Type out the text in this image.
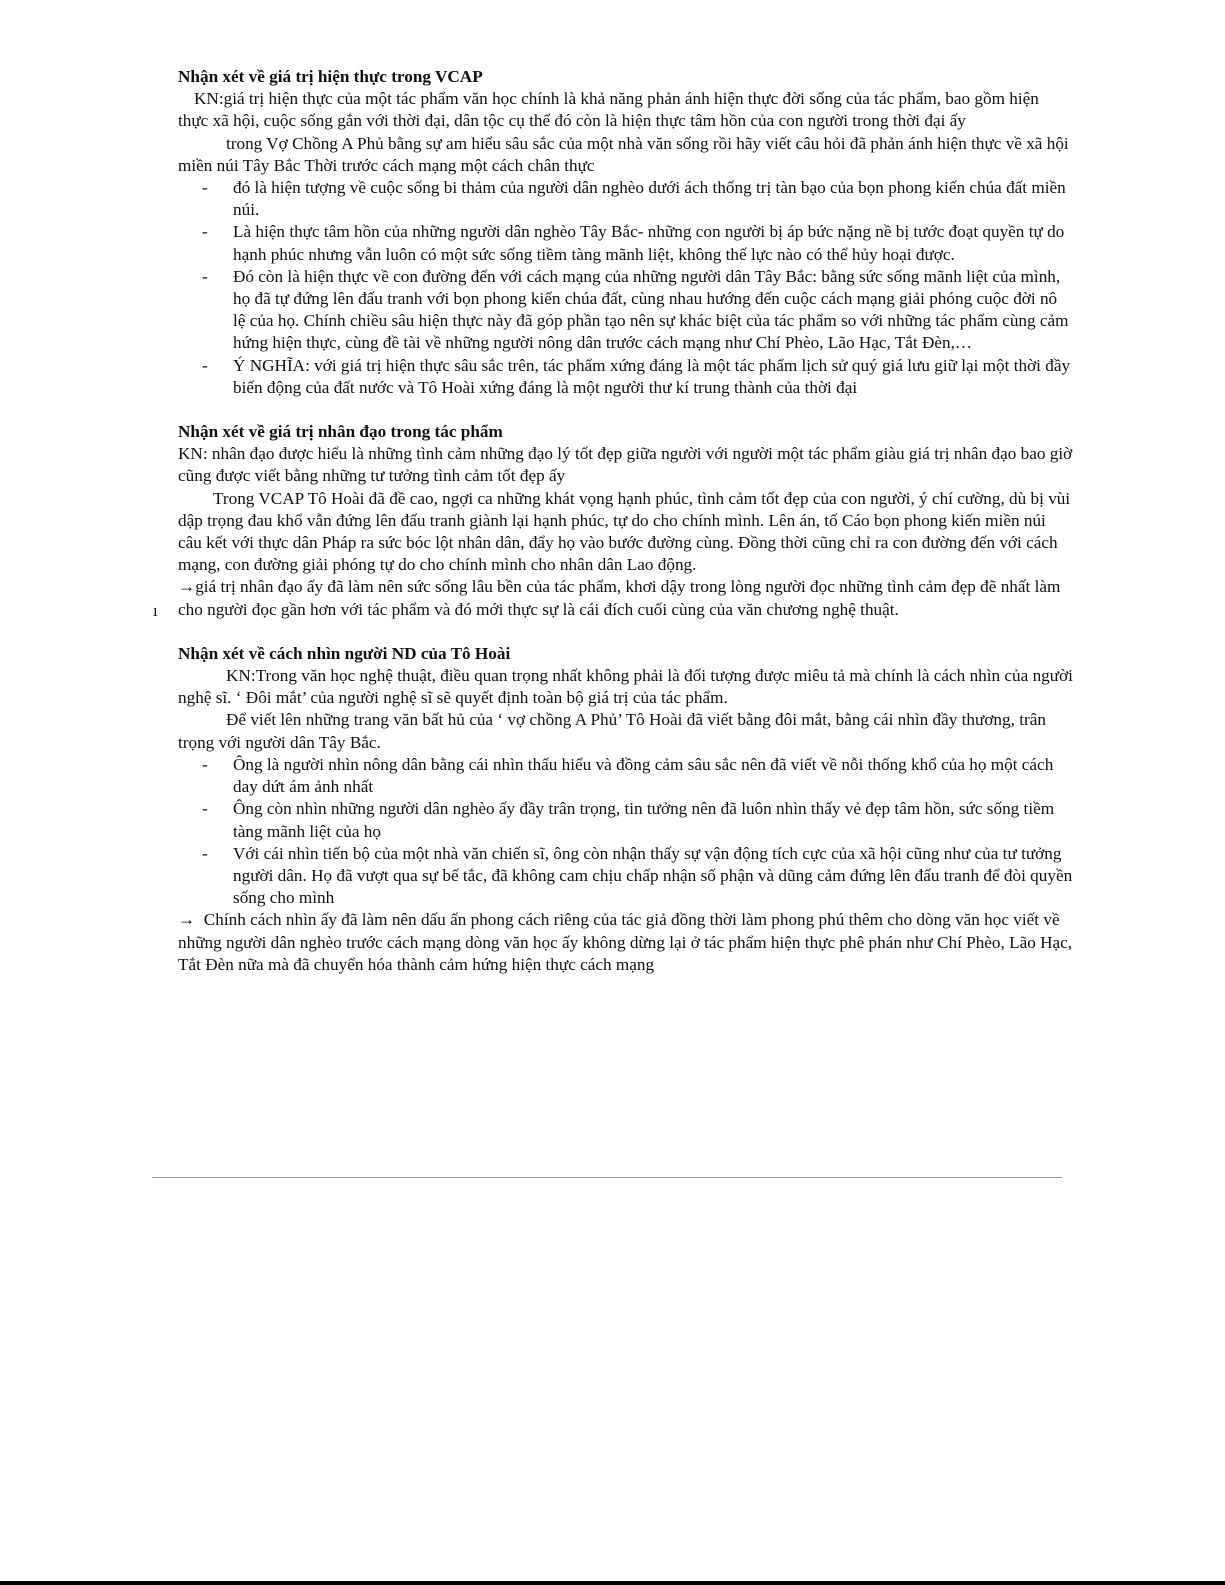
ı

Nhận xét về giá trị hiện thực trong VCAP

KN:giá trị hiện thực của một tác phẩm văn học chính là khả năng phản ánh hiện thực đời sống của tác phẩm, bao gồm hiện thực xã hội, cuộc sống gắn với thời đại, dân tộc cụ thể đó còn là hiện thực tâm hồn của con người trong thời đại ấy

trong Vợ Chồng A Phủ bằng sự am hiểu sâu sắc của một nhà văn sống rồi hãy viết câu hỏi đã phản ánh hiện thực về xã hội miền núi Tây Bắc Thời trước cách mạng một cách chân thực

- đó là hiện tượng về cuộc sống bi thảm của người dân nghèo dưới ách thống trị tàn bạo của bọn phong kiến chúa đất miền núi.
- Là hiện thực tâm hồn của những người dân nghèo Tây Bắc- những con người bị áp bức nặng nề bị tước đoạt quyền tự do hạnh phúc nhưng vẫn luôn có một sức sống tiềm tàng mãnh liệt, không thế lực nào có thể hủy hoại được.
- Đó còn là hiện thực về con đường đến với cách mạng của những người dân Tây Bắc: bằng sức sống mãnh liệt của mình, họ đã tự đứng lên đấu tranh với bọn phong kiến chúa đất, cùng nhau hướng đến cuộc cách mạng giải phóng cuộc đời nô lệ của họ. Chính chiều sâu hiện thực này đã góp phần tạo nên sự khác biệt của tác phẩm so với những tác phẩm cùng cảm hứng hiện thực, cùng đề tài về những người nông dân trước cách mạng như Chí Phèo, Lão Hạc, Tắt Đèn,…
- Ý NGHĨA: với giá trị hiện thực sâu sắc trên, tác phẩm xứng đáng là một tác phẩm lịch sử quý giá lưu giữ lại một thời đầy biến động của đất nước và Tô Hoài xứng đáng là một người thư kí trung thành của thời đại

Nhận xét về giá trị nhân đạo trong tác phẩm

KN: nhân đạo được hiểu là những tình cảm những đạo lý tốt đẹp giữa người với người một tác phẩm giàu giá trị nhân đạo bao giờ cũng được viết bằng những tư tưởng tình cảm tốt đẹp ấy

Trong VCAP Tô Hoài đã đề cao, ngợi ca những khát vọng hạnh phúc, tình cảm tốt đẹp của con người, ý chí cường, dù bị vùi dập trọng đau khổ vẫn đứng lên đấu tranh giành lại hạnh phúc, tự do cho chính mình. Lên án, tố Cáo bọn phong kiến miền núi câu kết với thực dân Pháp ra sức bóc lột nhân dân, đẩy họ vào bước đường cùng. Đồng thời cũng chỉ ra con đường đến với cách mạng, con đường giải phóng tự do cho chính mình cho nhân dân Lao động.

→giá trị nhân đạo ấy đã làm nên sức sống lâu bền của tác phẩm, khơi dậy trong lòng người đọc những tình cảm đẹp đẽ nhất làm cho người đọc gần hơn với tác phẩm và đó mới thực sự là cái đích cuối cùng của văn chương nghệ thuật.

Nhận xét về cách nhìn người ND của Tô Hoài

KN:Trong văn học nghệ thuật, điều quan trọng nhất không phải là đối tượng được miêu tả mà chính là cách nhìn của người nghệ sĩ. ‘ Đôi mắt’ của người nghệ sĩ sẽ quyết định toàn bộ giá trị của tác phẩm.

Để viết lên những trang văn bất hủ của ‘ vợ chồng A Phủ’ Tô Hoài đã viết bằng đôi mắt, bằng cái nhìn đầy thương, trân trọng với người dân Tây Bắc.

- Ông là người nhìn nông dân bằng cái nhìn thấu hiểu và đồng cảm sâu sắc nên đã viết về nỗi thống khổ của họ một cách day dứt ám ảnh nhất
- Ông còn nhìn những người dân nghèo ấy đầy trân trọng, tin tưởng nên đã luôn nhìn thấy vẻ đẹp tâm hồn, sức sống tiềm tàng mãnh liệt của họ
- Với cái nhìn tiến bộ của một nhà văn chiến sĩ, ông còn nhận thấy sự vận động tích cực của xã hội cũng như của tư tưởng người dân. Họ đã vượt qua sự bế tắc, đã không cam chịu chấp nhận số phận và dũng cảm đứng lên đấu tranh để đòi quyền sống cho mình

→ Chính cách nhìn ấy đã làm nên dấu ấn phong cách riêng của tác giả đồng thời làm phong phú thêm cho dòng văn học viết về những người dân nghèo trước cách mạng dòng văn học ấy không dừng lại ở tác phẩm hiện thực phê phán như Chí Phèo, Lão Hạc, Tắt Đèn nữa mà đã chuyển hóa thành cảm hứng hiện thực cách mạng
